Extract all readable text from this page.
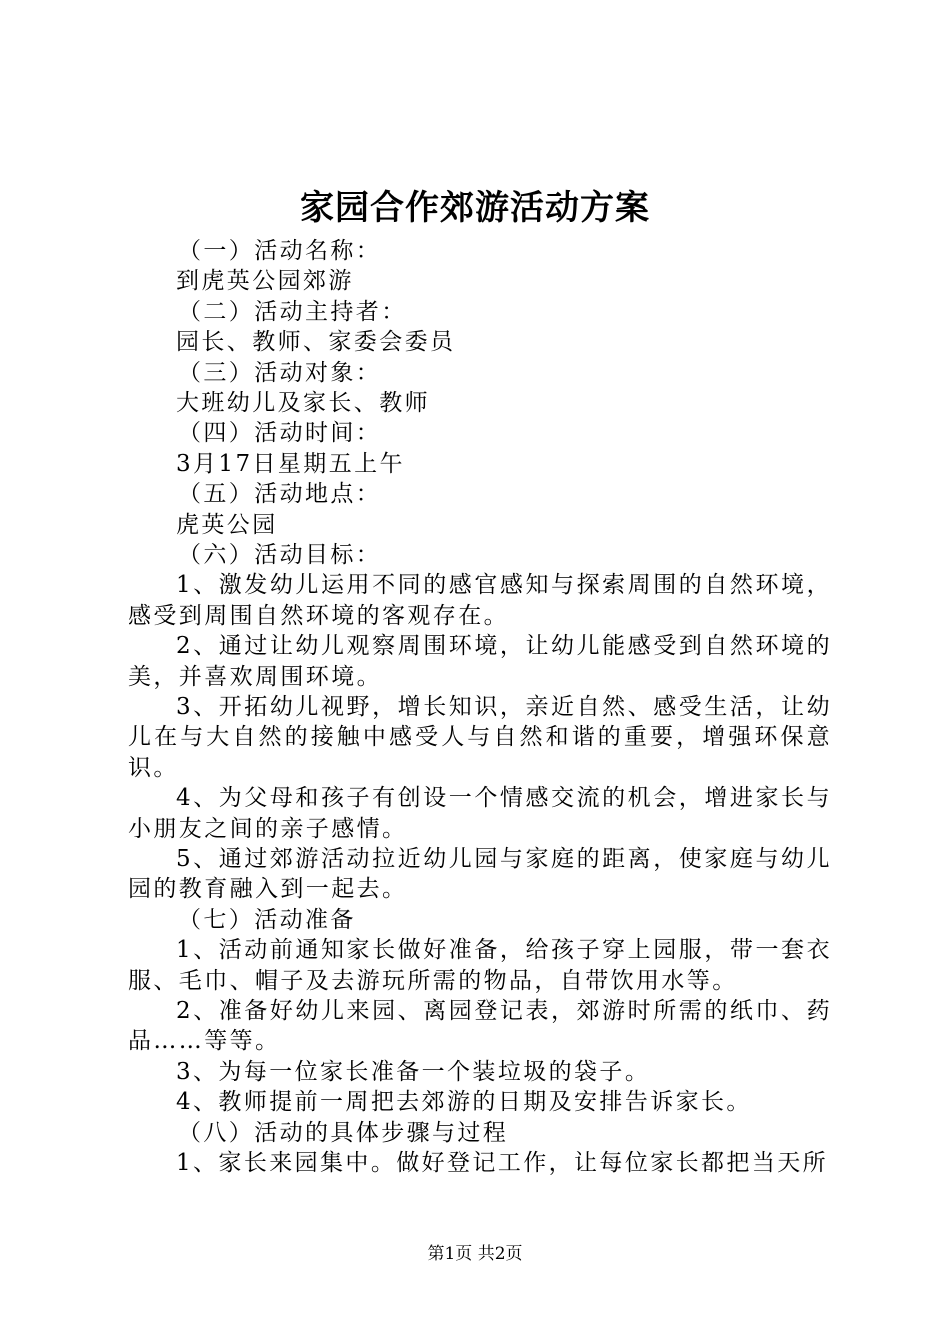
家园合作郊游活动方案
（一）活动名称：
到虎英公园郊游
（二）活动主持者：
园长、教师、家委会委员
（三）活动对象：
大班幼儿及家长、教师
（四）活动时间：
3月17日星期五上午
（五）活动地点：
虎英公园
（六）活动目标：
1、激发幼儿运用不同的感官感知与探索周围的自然环境，感受到周围自然环境的客观存在。
2、通过让幼儿观察周围环境，让幼儿能感受到自然环境的美，并喜欢周围环境。
3、开拓幼儿视野，增长知识，亲近自然、感受生活，让幼儿在与大自然的接触中感受人与自然和谐的重要，增强环保意识。
4、为父母和孩子有创设一个情感交流的机会，增进家长与小朋友之间的亲子感情。
5、通过郊游活动拉近幼儿园与家庭的距离，使家庭与幼儿园的教育融入到一起去。
（七）活动准备
1、活动前通知家长做好准备，给孩子穿上园服，带一套衣服、毛巾、帽子及去游玩所需的物品，自带饮用水等。
2、准备好幼儿来园、离园登记表，郊游时所需的纸巾、药品……等等。
3、为每一位家长准备一个装垃圾的袋子。
4、教师提前一周把去郊游的日期及安排告诉家长。
（八）活动的具体步骤与过程
1、家长来园集中。做好登记工作，让每位家长都把当天所
第1页 共2页
